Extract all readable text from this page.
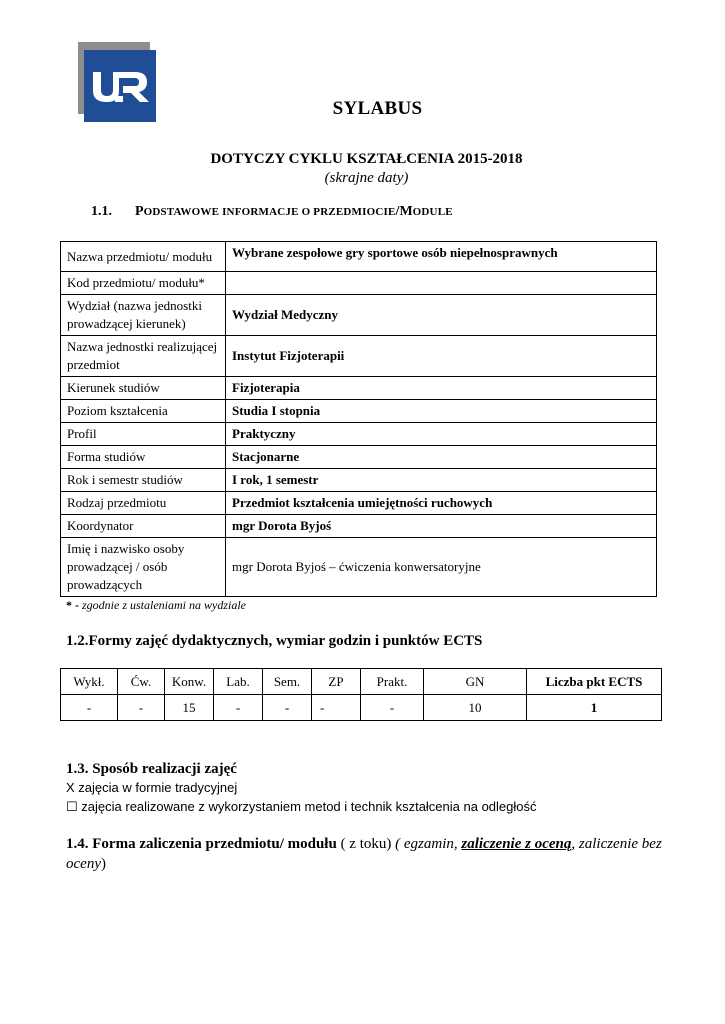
SYLABUS
DOTYCZY CYKLU KSZTAŁCENIA 2015-2018
(skrajne daty)
1.1. PODSTAWOWE INFORMACJE O PRZEDMIOCIE/MODULE
Nazwa przedmiotu/ modułu	Wybrane zespołowe gry sportowe osób niepełnosprawnych
Kod przedmiotu/ modułu*	
Wydział (nazwa jednostki prowadzącej kierunek)	Wydział Medyczny
Nazwa jednostki realizującej przedmiot	Instytut Fizjoterapii
Kierunek studiów	Fizjoterapia
Poziom kształcenia	Studia I stopnia
Profil	Praktyczny
Forma studiów	Stacjonarne
Rok i semestr studiów	I rok, 1 semestr
Rodzaj przedmiotu	Przedmiot kształcenia umiejętności ruchowych
Koordynator	mgr Dorota Byjoś
Imię i nazwisko osoby prowadzącej / osób prowadzących	mgr Dorota Byjoś – ćwiczenia konwersatoryjne
* - zgodnie z ustaleniami na wydziale
1.2.Formy zajęć dydaktycznych, wymiar godzin i punktów ECTS
Wykł.	Ćw.	Konw.	Lab.	Sem.	ZP	Prakt.	GN	Liczba pkt ECTS
-	-	15	-	-	-	-	10	1
1.3. Sposób realizacji zajęć
X zajęcia w formie tradycyjnej
☐ zajęcia realizowane z wykorzystaniem metod i technik kształcenia na odległość
1.4. Forma zaliczenia przedmiotu/ modułu ( z toku) ( egzamin, zaliczenie z oceną, zaliczenie bez oceny)
